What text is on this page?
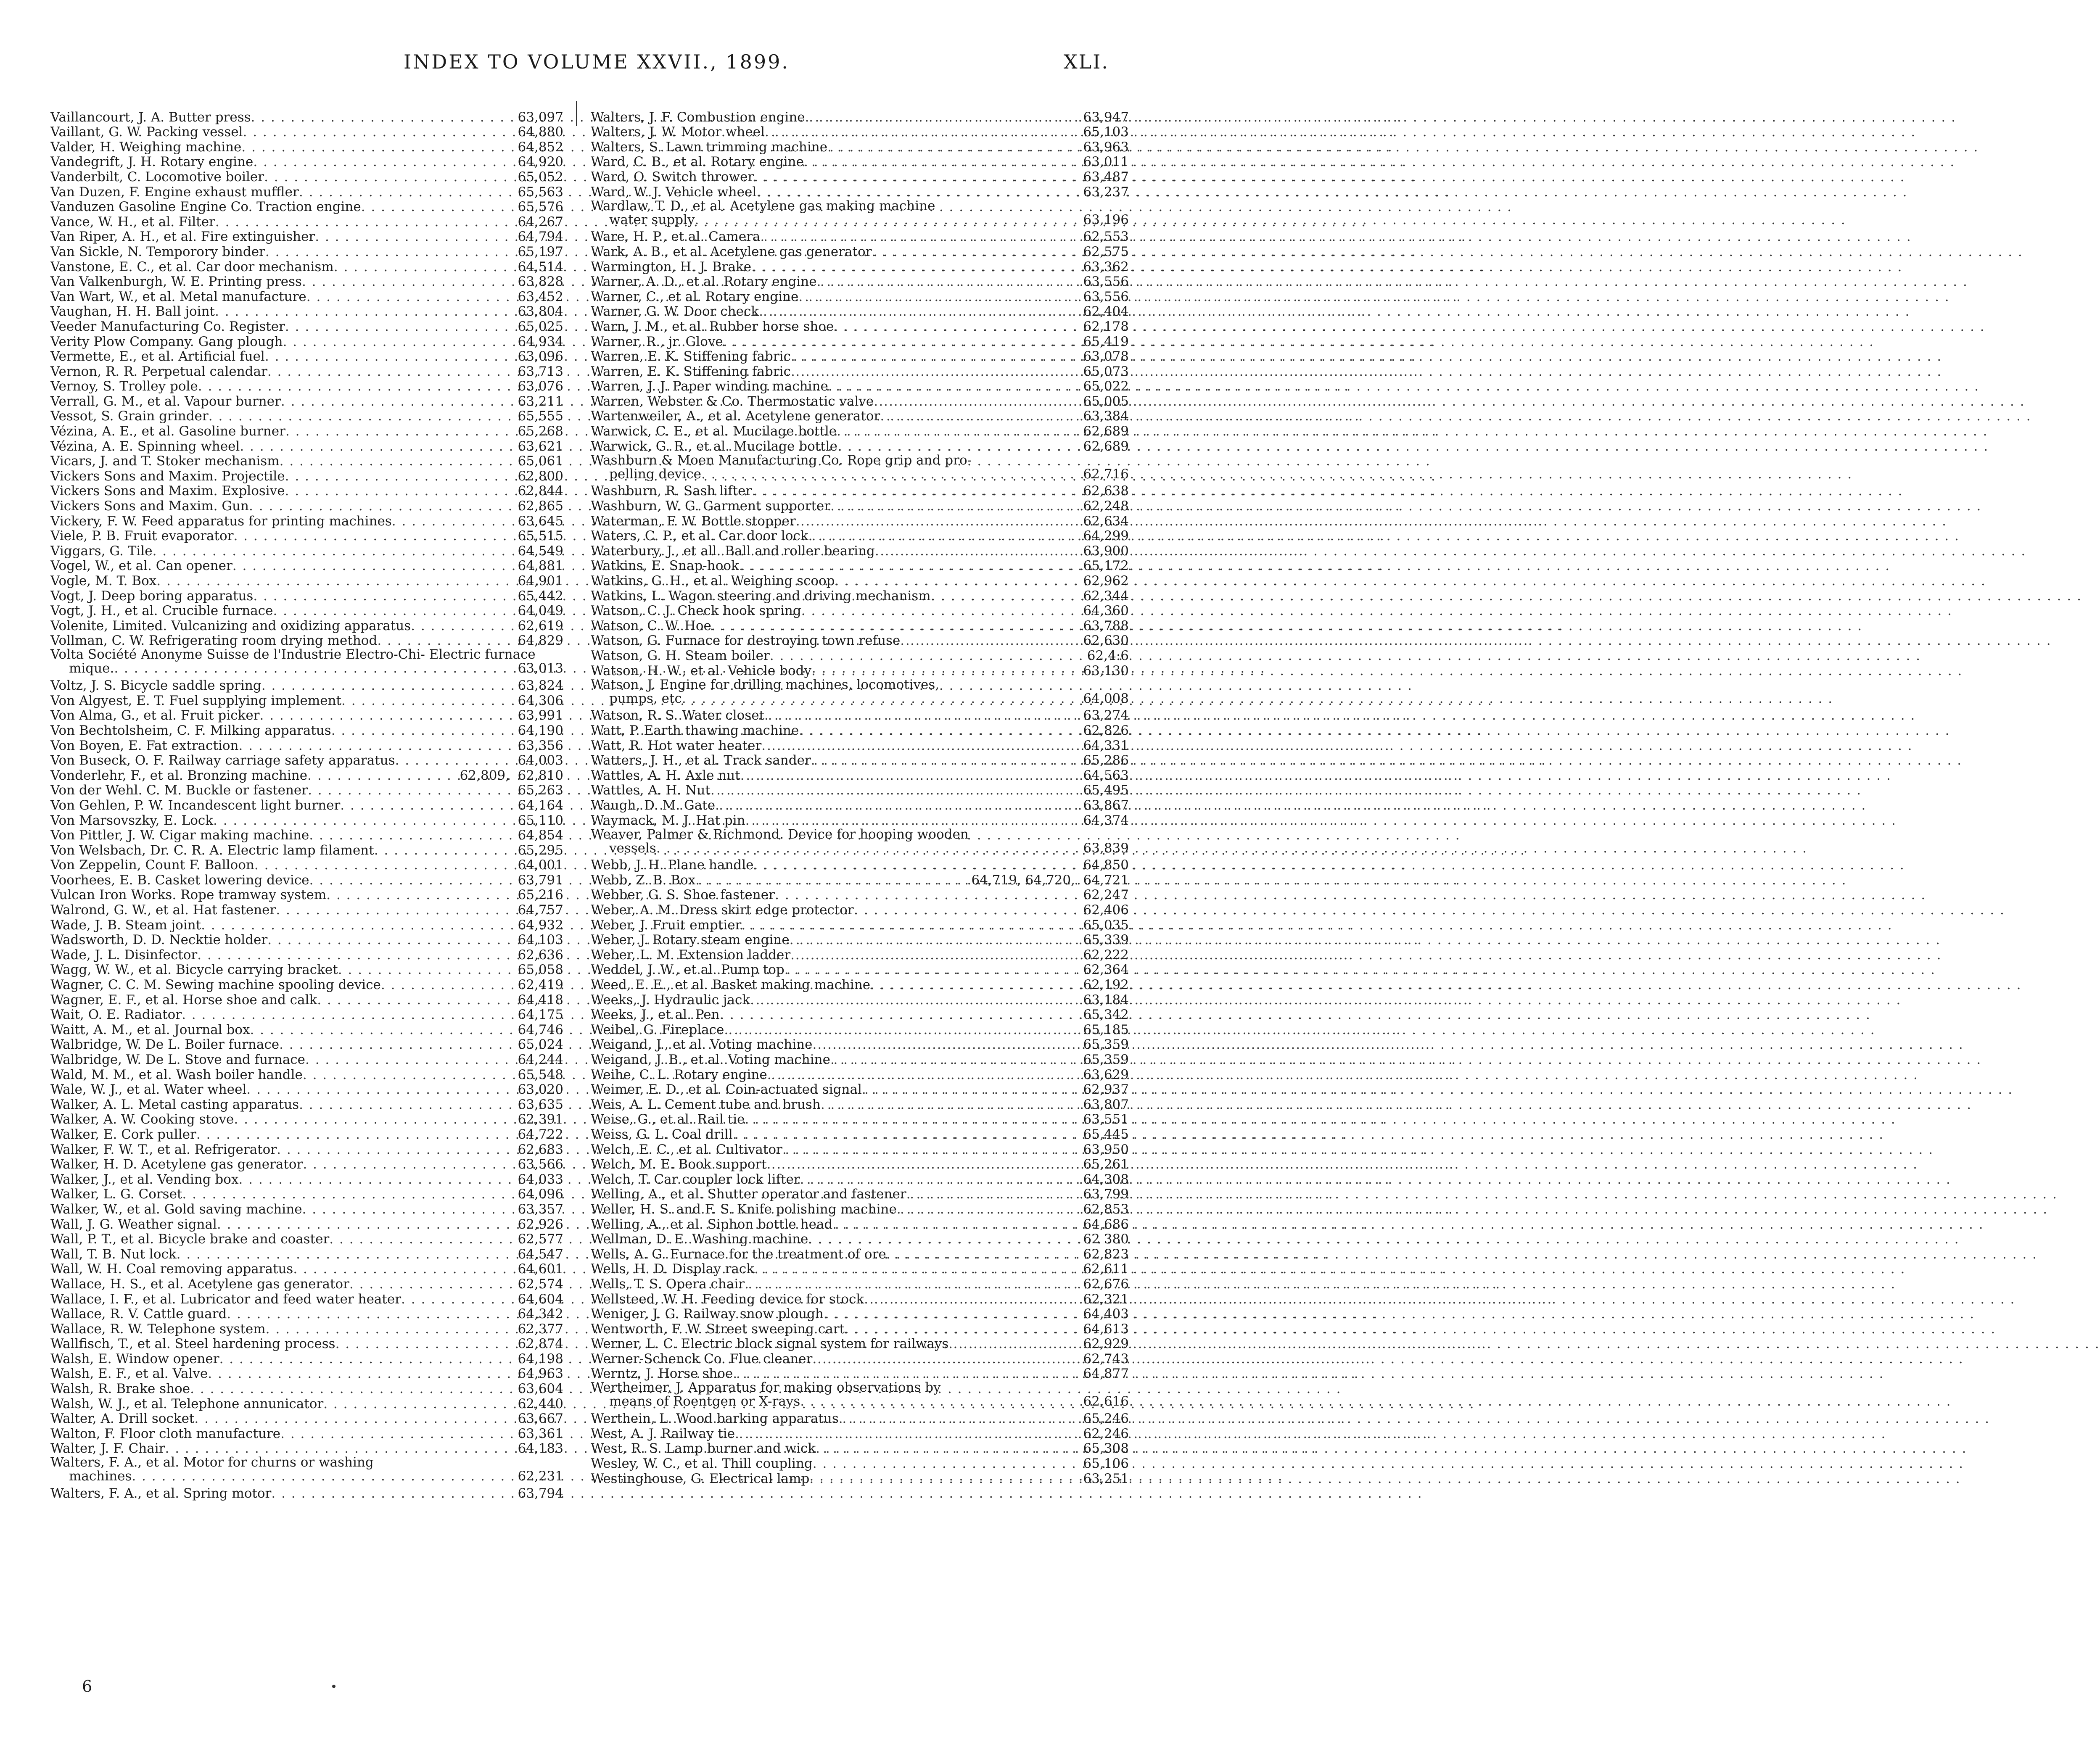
INDEX TO VOLUME XXVII., 1899.	XLI.
Vaillancourt, J. A. Butter press . . .	63,097
Vaillant, G. W. Packing vessel . . .	64,880
Valder, H. Weighing machine . . .	64,852
Vandegrift, J. H. Rotary engine . . .	64,920
Vanderbilt, C. Locomotive boiler . . .	65,052
Van Duzen, F. Engine exhaust muffler . . .	65,563
Vanduzen Gasoline Engine Co. Traction engine . . .	65,576
Vance, W. H., et al. Filter . . .	64,267
Van Riper, A. H., et al. Fire extinguisher . . .	64,794
Van Sickle, N. Temporory binder . . .	65,197
Vanstone, E. C., et al. Car door mechanism . . .	64,514
Van Valkenburgh, W. E. Printing press . . .	63,828
Van Wart, W., et al. Metal manufacture . . .	63,452
Vaughan, H. H. Ball joint . . .	63,804
Veeder Manufacturing Co. Register . . .	65,025
Verity Plow Company. Gang plough . . .	64,934
Vermette, E., et al. Artificial fuel . . .	63,096
Vernon, R. R. Perpetual calendar . . .	63,713
Vernoy, S. Trolley pole . . .	63,076
Verrall, G. M., et al. Vapour burner . . .	63,211
Vessot, S. Grain grinder . . .	65,555
Vézina, A. E., et al. Gasoline burner . . .	65,268
Vézina, A. E. Spinning wheel . . .	63,621
Vicars, J. and T. Stoker mechanism . . .	65,061
Vickers Sons and Maxim. Projectile . . .	62,800
Vickers Sons and Maxim. Explosive . . .	62,844
Vickers Sons and Maxim. Gun . . .	62,865
Vickery, F. W. Feed apparatus for printing machines . . .	63,645
Viele, P. B. Fruit evaporator . . .	65,515
Viggars, G. Tile . . .	64,549
Vogel, W., et al. Can opener . . .	64,881
Vogle, M. T. Box . . .	64,901
Vogt, J. Deep boring apparatus . . .	65,442
Vogt, J. H., et al. Crucible furnace . . .	64,049
Volenite, Limited. Vulcanizing and oxidizing apparatus . . .	62,619
Vollman, C. W. Refrigerating room drying method . . .	64,829
Volta Société Anonyme Suisse de l'Industrie Electro-Chi- Electric furnace
mique. . . .	63,013
Voltz, J. S. Bicycle saddle spring . . .	63,824
Von Algyest, E. T. Fuel supplying implement . . .	64,306
Von Alma, G., et al. Fruit picker . . .	63,991
Von Bechtolsheim, C. F. Milking apparatus . . .	64,190
Von Boyen, E. Fat extraction . . .	63,356
Von Buseck, O. F. Railway carriage safety apparatus . . .	64,003
Vonderlehr, F., et al. Bronzing machine . . .	62,809, 62,810
Von der Wehl. C. M. Buckle or fastener . . .	65,263
Von Gehlen, P. W. Incandescent light burner . . .	64,164
Von Marsovszky, E. Lock . . .	65,110
Von Pittler, J. W. Cigar making machine . . .	64,854
Von Welsbach, Dr. C. R. A. Electric lamp filament . . .	65,295
Von Zeppelin, Count F. Balloon . . .	64,001
Voorhees, E. B. Casket lowering device . . .	63,791
Vulcan Iron Works. Rope tramway system . . .	65,216
Walrond, G. W., et al. Hat fastener . . .	64,757
Wade, J. B. Steam joint . . .	64,932
Wadsworth, D. D. Necktie holder . . .	64,103
Wade, J. L. Disinfector . . .	62,636
Wagg, W. W., et al. Bicycle carrying bracket . . .	65,058
Wagner, C. C. M. Sewing machine spooling device . . .	62,419
Wagner, E. F., et al. Horse shoe and calk . . .	64,418
Wait, O. E. Radiator . . .	64,175
Waitt, A. M., et al. Journal box . . .	64,746
Walbridge, W. De L. Boiler furnace . . .	65,024
Walbridge, W. De L. Stove and furnace . . .	64,244
Wald, M. M., et al. Wash boiler handle . . .	65,548
Wale, W. J., et al. Water wheel . . .	63,020
Walker, A. L. Metal casting apparatus . . .	63,635
Walker, A. W. Cooking stove . . .	62,391
Walker, E. Cork puller . . .	64,722
Walker, F. W. T., et al. Refrigerator . . .	62,683
Walker, H. D. Acetylene gas generator . . .	63,566
Walker, J., et al. Vending box . . .	64,033
Walker, L. G. Corset . . .	64,096
Walker, W., et al. Gold saving machine . . .	63,357
Wall, J. G. Weather signal . . .	62,926
Wall, P. T., et al. Bicycle brake and coaster . . .	62,577
Wall, T. B. Nut lock . . .	64,547
Wall, W. H. Coal removing apparatus . . .	64,601
Wallace, H. S., et al. Acetylene gas generator . . .	62,574
Wallace, I. F., et al. Lubricator and feed water heater . . .	64,604
Wallace, R. V. Cattle guard . . .	64,342
Wallace, R. W. Telephone system . . .	62,377
Wallfisch, T., et al. Steel hardening process . . .	62,874
Walsh, E. Window opener . . .	64,198
Walsh, E. F., et al. Valve . . .	64,963
Walsh, R. Brake shoe . . .	63,604
Walsh, W. J., et al. Telephone annunicator . . .	62,440
Walter, A. Drill socket . . .	63,667
Walton, F. Floor cloth manufacture . . .	63,361
Walter, J. F. Chair . . .	64,183
Walters, F. A., et al. Motor for churns or washing
machines . . .	62,231
Walters, F. A., et al. Spring motor . . .	63,794
Walters, J. F. Combustion engine . . .	63,947
Walters, J. W. Motor wheel . . .	65,103
Walters, S. Lawn trimming machine . . .	63,963
Ward, C. B., et al. Rotary engine . . .	63,011
Ward, O. Switch thrower . . .	63,487
Ward, W. J. Vehicle wheel . . .	63,237
Wardlaw, T. D., et al. Acetylene gas making machine
water supply . . .	63,196
Ware, H. P., et al. Camera . . .	62,553
Wark, A. B., et al. Acetylene gas generator . . .	62,575
Warmington, H. J. Brake . . .	63,362
Warner, A. D., et al. Rotary engine . . .	63,556
Warner, C., et al. Rotary engine . . .	63,556
Warner, G. W. Door check . . .	62,404
Warn, J. M., et al. Rubber horse shoe . . .	62,178
Warner, R., jr. Glove . . .	65,419
Warren, E. K. Stiffening fabric . . .	63,078
Warren, E. K. Stiffening fabric . . .	65,073
Warren, J. J. Paper winding machine . . .	65,022
Warren, Webster & Co. Thermostatic valve . . .	65,005
Wartenweiler, A., et al. Acetylene generator . . .	63,384
Warwick, C. E., et al. Mucilage bottle . . .	62,689
Warwick, G. R., et al. Mucilage bottle . . .	62,689
Washburn & Moen Manufacturing Co. Rope grip and pro-
pelling device . . .	62,716
Washburn, R. Sash lifter . . .	62,638
Washburn, W. G. Garment supporter . . .	62,248
Waterman, F. W. Bottle stopper . . .	62,634
Waters, C. P., et al. Car door lock . . .	64,299
Waterbury, J., et all. Ball and roller bearing . . .	63,900
Watkins, E. Snap-hook . . .	65,172
Watkins, G. H., et al. Weighing scoop . . .	62,962
Watkins, L. Wagon steering and driving mechanism . . .	62,344
Watson, C. J. Check hook spring . . .	64,360
Watson, C. W. Hoe . . .	63,788
Watson, G. Furnace for destroying town refuse . . .	62,630
Watson, G. H. Steam boiler . . .	62,4:6
Watson, H. W., et al. Vehicle body . . .	63,130
Watson, J. Engine for drilling machines, locomotives,
pumps, etc . . .	64,008
Watson, R. S. Water closet . . .	63,274
Watt, P. Earth thawing machine . . .	62,826
Watt, R. Hot water heater . . .	64,331
Watters, J. H., et al. Track sander . . .	65,286
Wattles, A. H. Axle nut . . .	64,563
Wattles, A. H. Nut . . .	65,495
Waugh, D. M. Gate . . .	63,867
Waymack, M. J. Hat pin . . .	64,374
Weaver, Palmer & Richmond. Device for hooping wooden
vessels . . .	63,839
Webb, J. H. Plane handle . . .	64,850
Webb, Z. B. Box . . .	64,719, 64,720, 64,721
Webber, G. S. Shoe fastener . . .	62,247
Weber, A. M. Dress skirt edge protector . . .	62,406
Weber, J. Fruit emptier . . .	65,035
Weber, J. Rotary steam engine . . .	65,339
Weber, L. M. Extension ladder . . .	62,222
Weddel, J. W., et al. Pump top . . .	62,364
Weed, E. E., et al. Basket making machine . . .	62,192
Weeks, J. Hydraulic jack . . .	63,184
Weeks, J., et al. Pen . . .	65,342
Weibel, G. Fireplace . . .	65,185
Weigand, J., et al. Voting machine . . .	65,359
Weigand, J. B., et al. Voting machine . . .	65,359
Weihe, C. L. Rotary engine . . .	63,629
Weimer, E. D., et al. Coin-actuated signal . . .	62,937
Weis, A. L. Cement tube and brush . . .	63,807
Weise, G., et al. Rail tie . . .	63,551
Weiss, G. L. Coal drill . . .	65,445
Welch, E. C., et al. Cultivator . . .	63,950
Welch, M. E. Book support . . .	65,261
Welch, T. Car coupler lock lifter . . .	64,308
Welling, A., et al. Shutter operator and fastener . . .	63,799
Weller, H. S. and F. S. Knife polishing machine . . .	62,853
Welling, A., et al. Siphon bottle head . . .	64,686
Wellman, D. E. Washing machine . . .	62 380
Wells, A. G. Furnace for the treatment of ore . . .	62,823
Wells, H. D. Display rack . . .	62,611
Wells, T. S. Opera chair . . .	62,676
Wellsteed, W. H. Feeding device for stock . . .	62,321
Weniger, J. G. Railway snow plough . . .	64,403
Wentworth, F. W. Street sweeping cart . . .	64,613
Werner, L. C. Electric block signal system for railways . . .	62,929
Werner-Schenck Co. Flue cleaner . . .	62,743
Werntz, J. Horse shoe . . .	64,877
Wertheimer, J. Apparatus for making observations by
means of Roentgen or X-rays . . .	62,616
Werthein, L. Wood barking apparatus . . .	65,246
West, A. J. Railway tie . . .	62,246
West, R. S. Lamp burner and wick . . .	65,308
Wesley, W. C., et al. Thill coupling . . .	65,106
Westinghouse, G. Electrical lamp . . .	63,251
6
